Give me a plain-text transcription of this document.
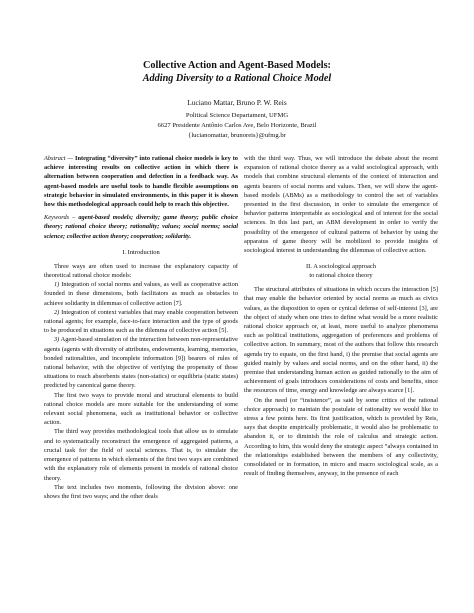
Collective Action and Agent-Based Models:
Adding Diversity to a Rational Choice Model
Luciano Mattar, Bruno P. W. Reis
Political Science Departament, UFMG
6627 Presidente Antônio Carlos Ave, Belo Horizonte, Brazil
{lucianomattar, brunoreis}@ufmg.br

Abstract — Integrating “diversity” into rational choice models is key to achieve interesting results on collective action in which there is alternation between cooperation and defection in a feedback way. As agent-based models are useful tools to handle flexible assumptions on strategic behavior in simulated environments, in this paper it is shown how this methodological approach could help to reach this objective.

Keywords – agent-based models; diversity; game theory; public choice theory; rational choice theory; rationality; values; social norms; social science; collective action theory; cooperation; solidarity.

I. Introduction

Three ways are often used to increase the explanatory capacity of theoretical rational choice models:

1) Integration of social norms and values, as well as cooperative action founded in these dimensions, both facilitators as much as obstacles to achieve solidarity in dilemmas of collective action [7].

2) Integration of context variables that may enable cooperation between rational agents; for example, face-to-face interaction and the type of goods to be produced in situations such as the dilemma of collective action [5].

3) Agent-based simulation of the interaction between non-representative agents (agents with diversity of attributes, endowments, learning, memories, bonded rationalities, and incomplete information [9]) bearers of rules of rational behavior, with the objective of verifying the propensity of those situations to reach absorbents states (non-statics) or equilibria (static states) predicted by canonical game theory.

The first two ways to provide moral and structural elements to build rational choice models are more suitable for the understanding of some relevant social phenomena, such as institutional behavior or collective action.

The third way provides methodological tools that allow us to simulate and to systematically reconstruct the emergence of aggregated patterns, a crucial task for the field of social sciences. That is, to simulate the emergence of patterns in which elements of the first two ways are combined with the explanatory role of elements present in models of rational choice theory.

The text includes two moments, following the division above: one shows the first two ways; and the other deals

with the third way. Thus, we will introduce the debate about the recent expansion of rational choice theory as a valid sociological approach, with models that combine structural elements of the context of interaction and agents bearers of social norms and values. Then, we will show the agent-based models (ABMs) as a methodology to control the set of variables presented in the first discussion, in order to simulate the emergence of behavior patterns interpretable as sociological and of interest for the social sciences. In this last part, an ABM development in order to verify the possibility of the emergence of cultural patterns of behavior by using the apparatus of game theory will be mobilized to provide insights of sociological interest in understanding the dilemmas of collective action.

II. A sociological approach
to rational choice theory

The structural attributes of situations in which occurs the interaction [5] that may enable the behavior oriented by social norms as much as civics values, as the disposition to open or cynical defense of self-interest [3], are the object of study when one tries to define what would be a more realistic rational choice approach or, at least, more useful to analyze phenomena such as political institutions, aggregation of preferences and problems of collective action. In summary, most of the authors that follow this research agenda try to equate, on the first hand, i) the premise that social agents are guided mainly by values and social norms, and on the other hand, ii) the premise that understanding human action as guided rationally to the aim of achievement of goals introduces considerations of costs and benefits, since the resources of time, energy and knowledge are always scarce [1].

On the need (or “insistence”, as said by some critics of the rational choice approach) to maintain the postulate of rationality we would like to stress a few points here. Its first justification, which is provided by Reis, says that despite empirically problematic, it would also be problematic to abandon it, or to diminish the role of calculus and strategic action. According to him, this would deny the strategic aspect “always contained in the relationships established between the members of any collectivity, consolidated or in formation, in micro and macro sociological scale, as a result of finding themselves, anyway, in the presence of each
